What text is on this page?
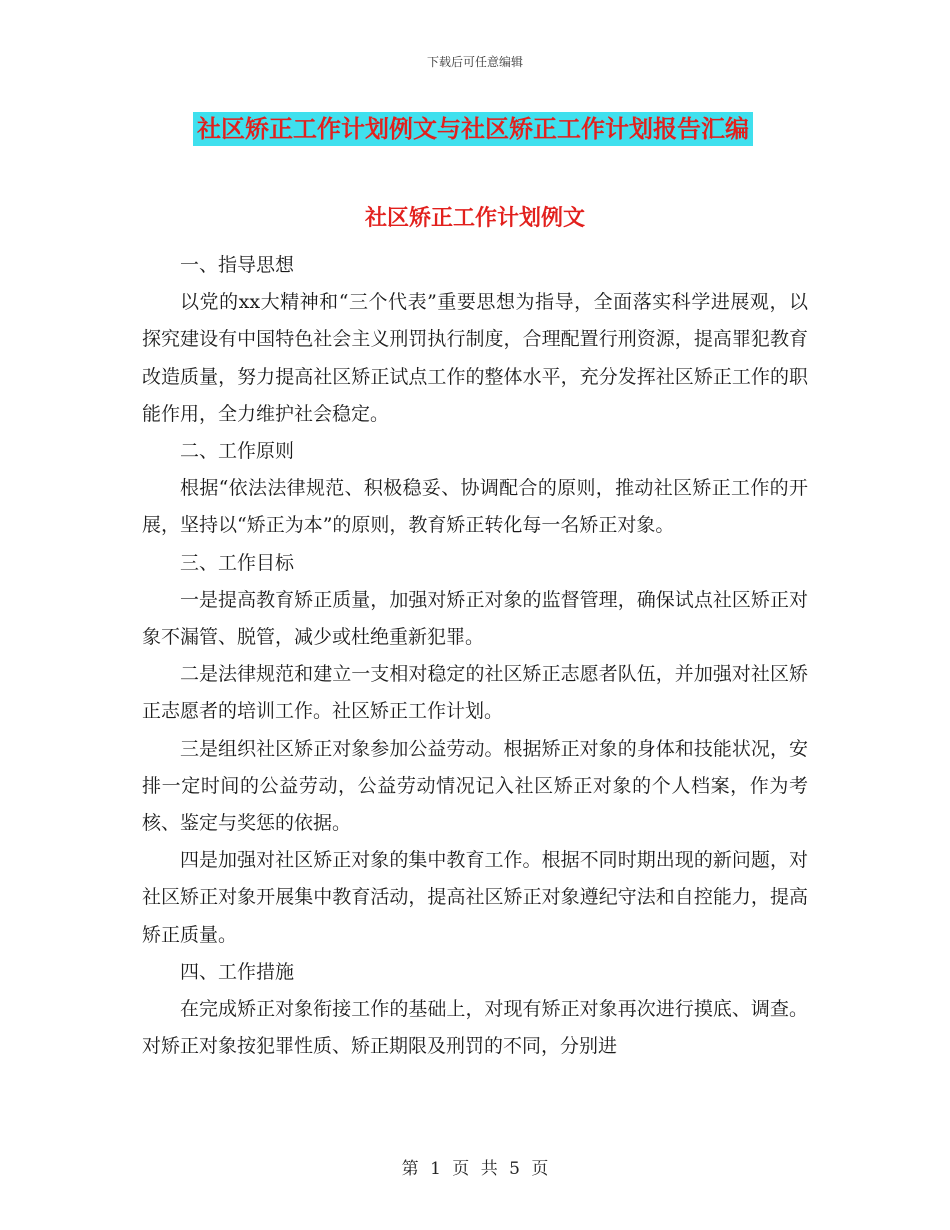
下载后可任意编辑
社区矫正工作计划例文与社区矫正工作计划报告汇编
社区矫正工作计划例文

一、指导思想

以党的xx大精神和“三个代表”重要思想为指导，全面落实科学进展观，以探究建设有中国特色社会主义刑罚执行制度，合理配置行刑资源，提高罪犯教育改造质量，努力提高社区矫正试点工作的整体水平，充分发挥社区矫正工作的职能作用，全力维护社会稳定。

二、工作原则

根据“依法法律规范、积极稳妥、协调配合的原则，推动社区矫正工作的开展，坚持以“矫正为本”的原则，教育矫正转化每一名矫正对象。

三、工作目标

一是提高教育矫正质量，加强对矫正对象的监督管理，确保试点社区矫正对象不漏管、脱管，减少或杜绝重新犯罪。

二是法律规范和建立一支相对稳定的社区矫正志愿者队伍，并加强对社区矫正志愿者的培训工作。社区矫正工作计划。

三是组织社区矫正对象参加公益劳动。根据矫正对象的身体和技能状况，安排一定时间的公益劳动，公益劳动情况记入社区矫正对象的个人档案，作为考核、鉴定与奖惩的依据。

四是加强对社区矫正对象的集中教育工作。根据不同时期出现的新问题，对社区矫正对象开展集中教育活动，提高社区矫正对象遵纪守法和自控能力，提高矫正质量。

四、工作措施

在完成矫正对象衔接工作的基础上，对现有矫正对象再次进行摸底、调查。对矫正对象按犯罪性质、矫正期限及刑罚的不同，分别进

第 1 页 共 5 页
